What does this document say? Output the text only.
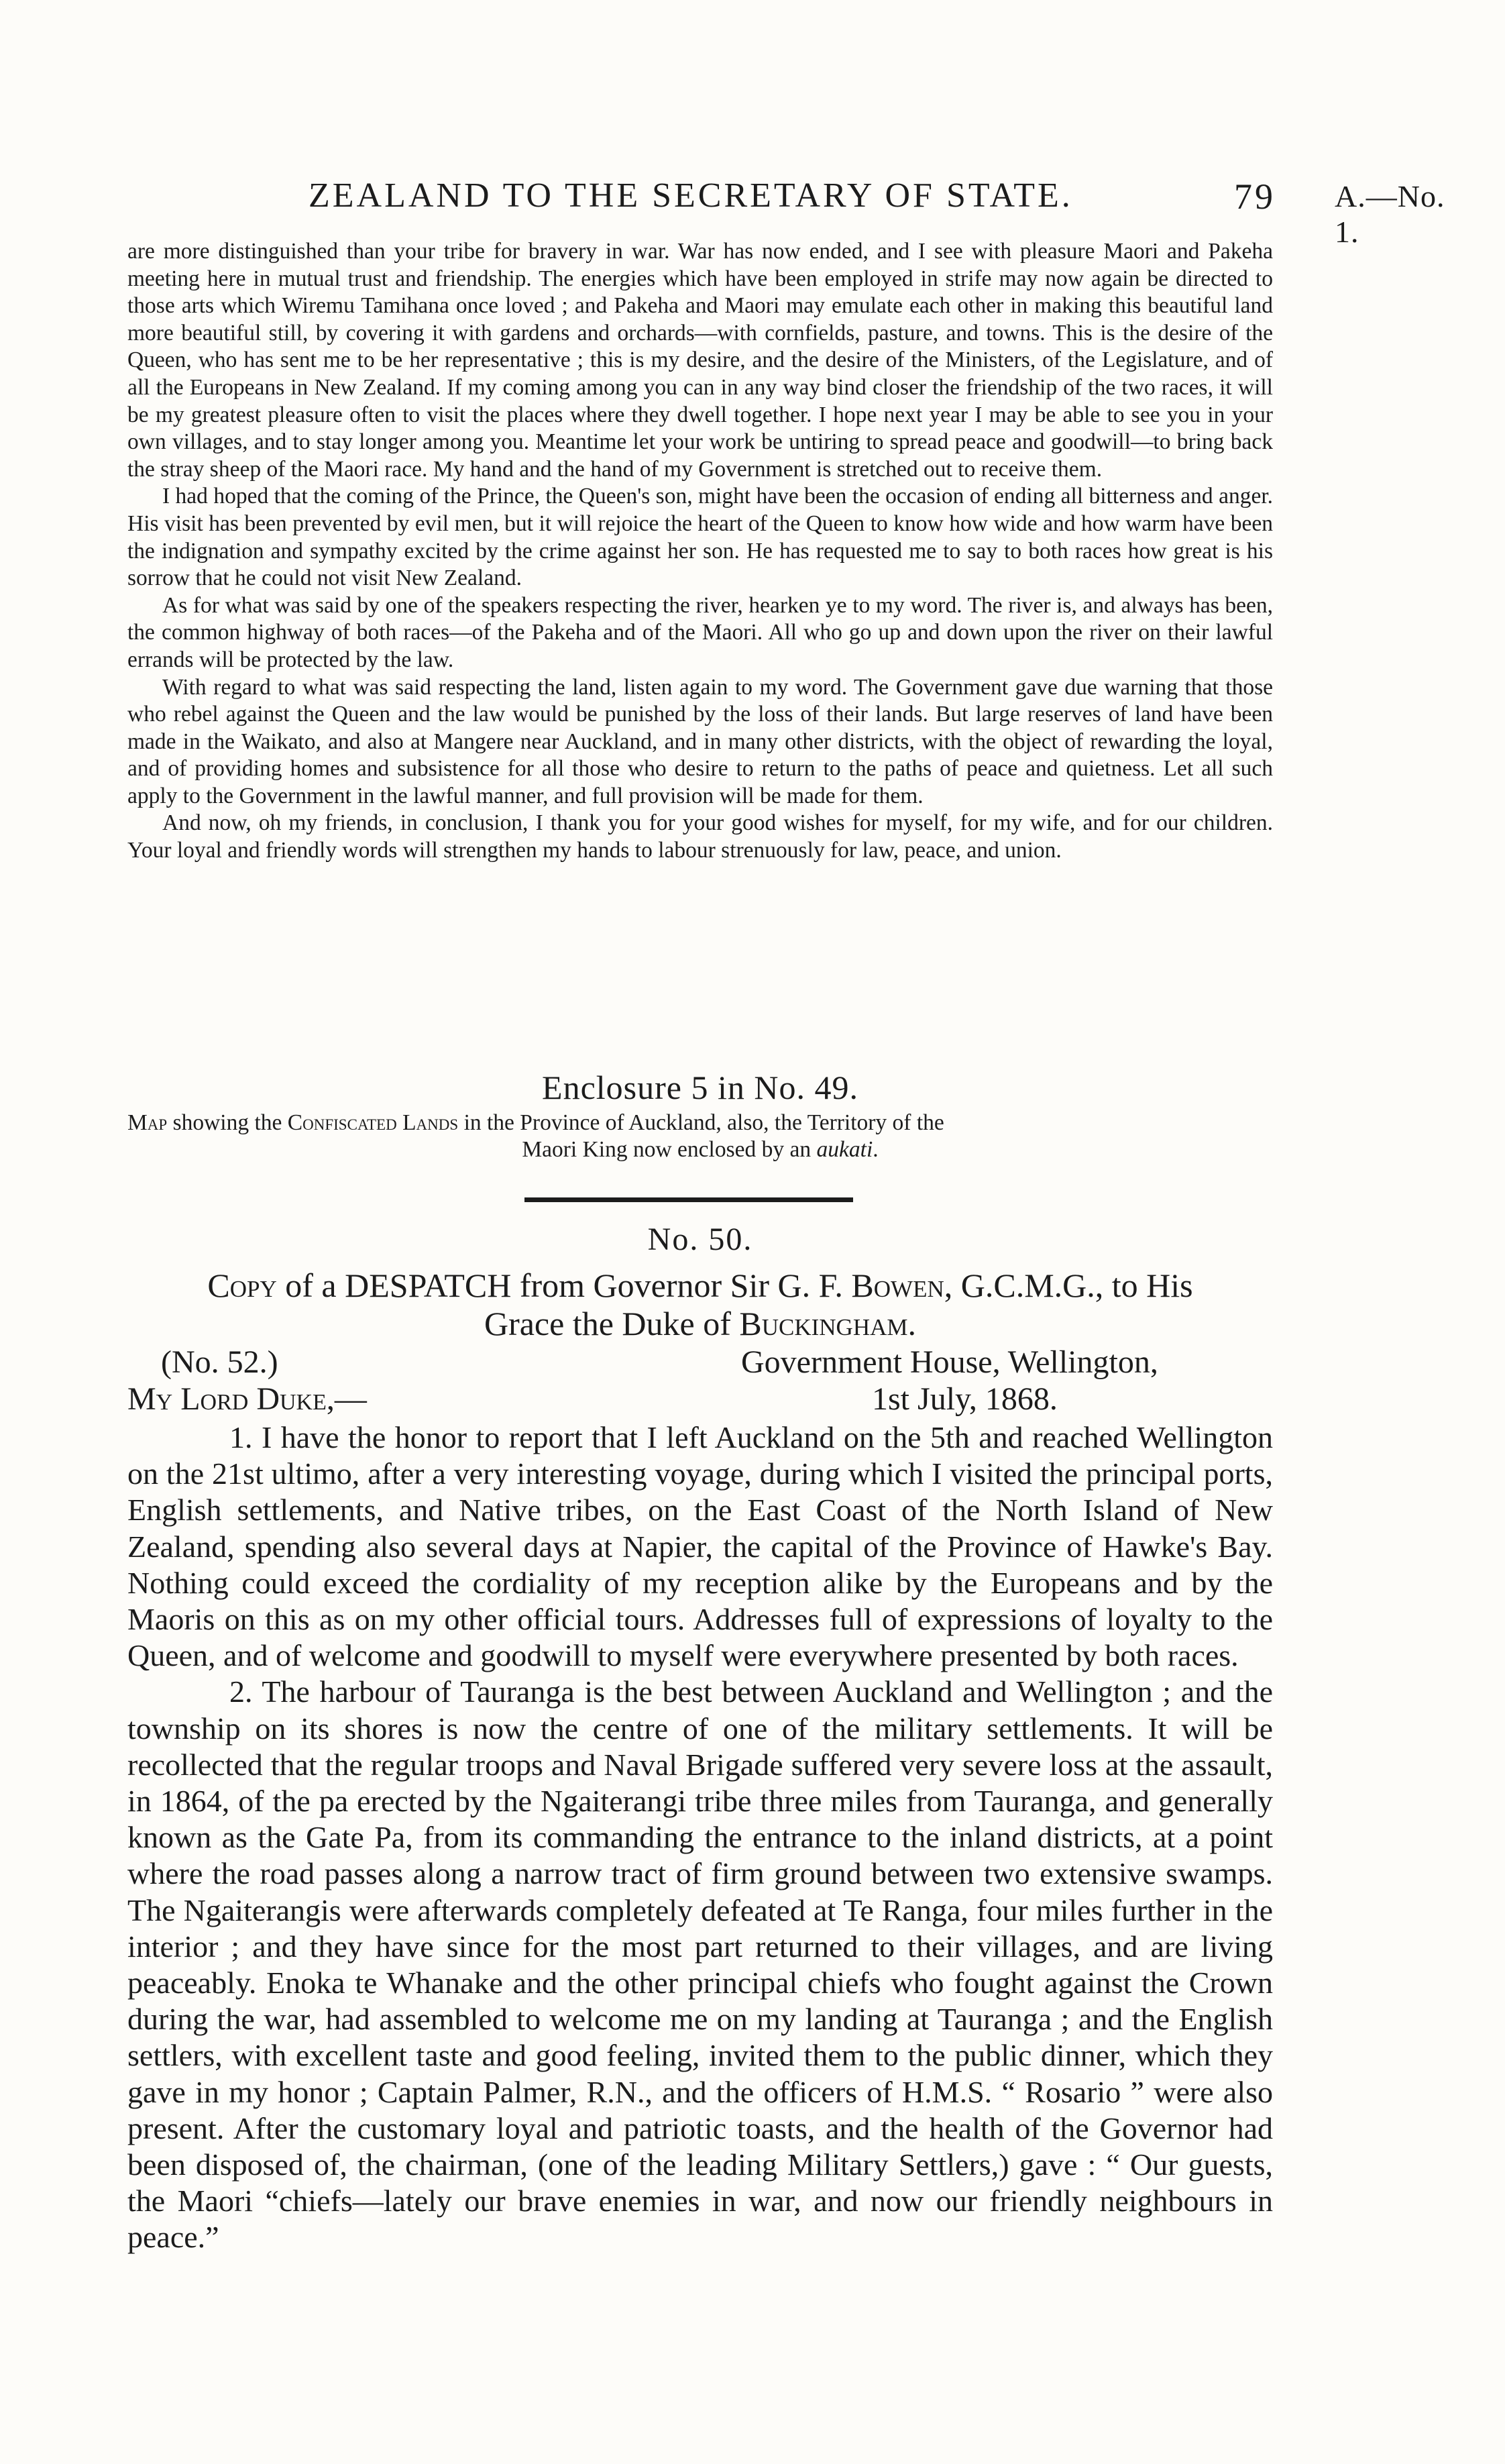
ZEALAND TO THE SECRETARY OF STATE.	79 A.—No. 1.

are more distinguished than your tribe for bravery in war. War has now ended, and I see with pleasure Maori and Pakeha meeting here in mutual trust and friendship. The energies which have been employed in strife may now again be directed to those arts which Wiremu Tamihana once loved ; and Pakeha and Maori may emulate each other in making this beautiful land more beautiful still, by covering it with gardens and orchards—with cornfields, pasture, and towns. This is the desire of the Queen, who has sent me to be her representative ; this is my desire, and the desire of the Ministers, of the Legislature, and of all the Europeans in New Zealand. If my coming among you can in any way bind closer the friendship of the two races, it will be my greatest pleasure often to visit the places where they dwell together. I hope next year I may be able to see you in your own villages, and to stay longer among you. Meantime let your work be untiring to spread peace and goodwill—to bring back the stray sheep of the Maori race. My hand and the hand of my Government is stretched out to receive them.

I had hoped that the coming of the Prince, the Queen's son, might have been the occasion of ending all bitterness and anger. His visit has been prevented by evil men, but it will rejoice the heart of the Queen to know how wide and how warm have been the indignation and sympathy excited by the crime against her son. He has requested me to say to both races how great is his sorrow that he could not visit New Zealand.

As for what was said by one of the speakers respecting the river, hearken ye to my word. The river is, and always has been, the common highway of both races—of the Pakeha and of the Maori. All who go up and down upon the river on their lawful errands will be protected by the law.

With regard to what was said respecting the land, listen again to my word. The Government gave due warning that those who rebel against the Queen and the law would be punished by the loss of their lands. But large reserves of land have been made in the Waikato, and also at Mangere near Auckland, and in many other districts, with the object of rewarding the loyal, and of providing homes and subsistence for all those who desire to return to the paths of peace and quietness. Let all such apply to the Government in the lawful manner, and full provision will be made for them.

And now, oh my friends, in conclusion, I thank you for your good wishes for myself, for my wife, and for our children. Your loyal and friendly words will strengthen my hands to labour strenuously for law, peace, and union.

Enclosure 5 in No. 49.
Map showing the Confiscated Lands in the Province of Auckland, also, the Territory of the
Maori King now enclosed by an aukati.
No. 50.
Copy of a DESPATCH from Governor Sir G. F. Bowen, G.C.M.G., to His
Grace the Duke of Buckingham.
(No. 52.)	Government House, Wellington,
My Lord Duke,—	1st July, 1868.

1. I have the honor to report that I left Auckland on the 5th and reached Wellington on the 21st ultimo, after a very interesting voyage, during which I visited the principal ports, English settlements, and Native tribes, on the East Coast of the North Island of New Zealand, spending also several days at Napier, the capital of the Province of Hawke's Bay. Nothing could exceed the cordiality of my reception alike by the Europeans and by the Maoris on this as on my other official tours. Addresses full of expressions of loyalty to the Queen, and of welcome and goodwill to myself were everywhere presented by both races.

2. The harbour of Tauranga is the best between Auckland and Wellington ; and the township on its shores is now the centre of one of the military settlements. It will be recollected that the regular troops and Naval Brigade suffered very severe loss at the assault, in 1864, of the pa erected by the Ngaiterangi tribe three miles from Tauranga, and generally known as the Gate Pa, from its commanding the entrance to the inland districts, at a point where the road passes along a narrow tract of firm ground between two extensive swamps. The Ngaiterangis were afterwards completely defeated at Te Ranga, four miles further in the interior ; and they have since for the most part returned to their villages, and are living peaceably. Enoka te Whanake and the other principal chiefs who fought against the Crown during the war, had assembled to welcome me on my landing at Tauranga ; and the English settlers, with excellent taste and good feeling, invited them to the public dinner, which they gave in my honor ; Captain Palmer, R.N., and the officers of H.M.S. “ Rosario ” were also present. After the customary loyal and patriotic toasts, and the health of the Governor had been disposed of, the chairman, (one of the leading Military Settlers,) gave : “ Our guests, the Maori “chiefs—lately our brave enemies in war, and now our friendly neighbours in peace.”
